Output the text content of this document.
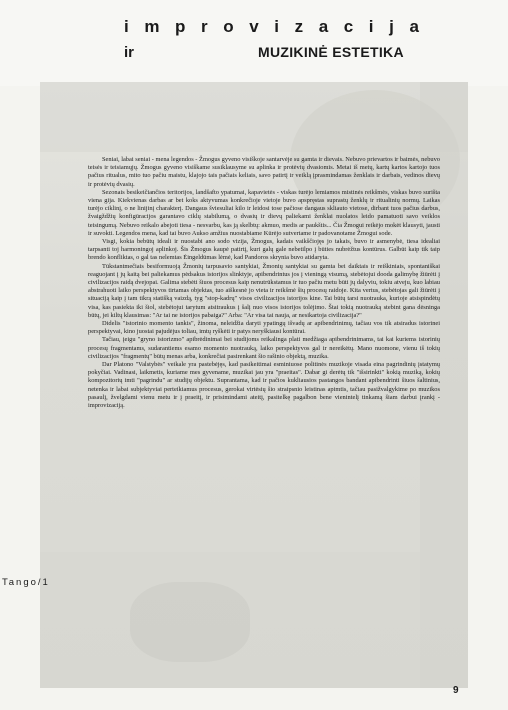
improvizacija
ir	MUZIKINĖ ESTETIKA

Seniai, labai seniai - mena legendos - Žmogus gyveno visiškoje santarvėje su gamta ir dievais. Nebuvo prievartos ir baimės, nebuvo teisės ir teisiamųjų. Žmogus gyveno visiškame susiklausyme su aplinka ir protėvių dvasiomis. Metai iš metų, kartų kartos kartojo tuos pačius ritualus, mito tuo pačiu maistu, klajojo tais pačiais keliais, savo patirtį ir veiklą įprasmindamas ženklais ir darbais, vedinos dievų ir protėvių dvasių.

Sezonais besikeičiančios teritorijos, landšafto ypatumai, kapavietės - viskas turėjo lemiamos mistinės reikšmės, viskas buvo surišta viena gija. Kiekvienas darbas ar bet koks aktyvumas konkrečioje vietoje buvo apspręstas suprastų ženklų ir ritualinių normų. Laikas turėjo ciklinį, o ne linijinį charakterį. Dangaus šviesuliai kilo ir leidosi tose pačiose dangaus skliauto vietose, dirbant tuos pačius darbus, žvaigždžių konfigūracijos garantavo ciklų stabilumą, o dvasių ir dievų paliekami ženklai nuolatos leido pamatuoti savo veiklos teisingumą. Nebuvo reikalo abejoti tiesa - nesvarbu, kas ją skelbtų: akmuo, medis ar paukštis... Čia Žmogui reikėjo mokėt klausyti, jausti ir suvokti. Legendos mena, kad tai buvo Aukso amžius nuostabiame Kūrėjo sutvertame ir padovanotame Žmogui sode.

Visgi, kokia bebūtų ideali ir nuostabi ano sodo vizija, Žmogus, kadais vaikščiojęs jo takais, buvo ir asmenybė, tiesa idealiai tarpsanti toj harmoningoj aplinkoj. Šis Žmogus kaupė patirtį, kuri galų gale nebetilpo į būties nubrėžtus kontūrus. Galbūt kaip tik taip brendo konfliktas, o gal tas nelemtas Ėingeldūmas lėmė, kad Pandoros skrynia buvo atidaryta.

Tūkstantmečiais besiformuoją Žmonių tarpusavio santykiai, Žmonių santykiai su gamta bei daiktais ir reiškiniais, spontaniškai reaguojant į jų kaitą bei paliekamus pėdsakus istorijos slinktyje, apibendrintus jos į vieningą visumą, stebėtojui dooda galimybę žiūrėti į civilizacijos raidą dvejopai. Galima stebėti šiuos procesus kaip nenutrūkstamus ir tuo pačiu metu būti jų dalyviu, tokiu atveju, kuo labiau abstrahuoti laiko perspektyvos tirtamas objektas, tuo aiškesnė jo vieta ir reikšmė šių procesų raidoje. Kita vertus, stebėtojas gali žiūrėti į situaciją kaip į tam tikrą statišką vaizdą, tyg "stop-kadrų" visos civilizacijos istorijos kine. Tai būtų tarsi nuotrauka, kurioje atsispindėtų visa, kas pasiekta iki šiol, stebėtojui tarytum atsitraukus į šalį nuo visos istorijos tolėjimo. Štai tokią nuotrauką stebint gana dėsninga būtų, jei kiltų klausimas: "Ar tai ne istorijos pabaiga?" Arba: "Ar visa tai nauja, ar nesikartoja civilizacija?"

Didelis "istorinio momento tankis", žinoma, neleidžia daryti ypatingų išvadų ar apibendrinimų, tačiau vos tik atsiradus istorinei perspektyvai, kino juostai pajudėjus toliau, imtų ryškėti ir patys neryškiausi kontūrai.

Tačiau, įeigu "gryno istorizmo" apibrėdinimai bei studijoms reikalinga plati medžiaga apibendrinimams, tai kai kuriems istorinių procesų fragmentams, sudarantiems esamo momento nuotrauką, laiko perspektyvos gal ir nereikėtų. Mano nuomone, vienu iš tokių civilizacijos "fragmentų" būtų menas arba, konkrečiai pasirenkant šio rašinio objektą, muzika.

Dar Platono "Valstybės" veikale yra pastebėjęs, kad pasikeitimai esminiuose politinės muzikoje visada eina pagrindinių įstatymų pokyčiai. Vadinasi, laikmetis, kuriame mes gyvename, muzikai jau yra "praeitas". Dabar gi derėtų tik "išsirinkti" kokią muziką, kokių kompozitorių imti "pagrindu" ar studijų objektu. Suprantama, kad ir pačios kukliausios pastangos bandant apibendrinti šiuos šaltinius, netenka ir labai subjektyviai perteikiamus procesus, gerokai virtėsių šio straipsnio leistinas apimtis, tačiau pasižvalgykime po muzikos pasaulį, žvelgdami vienu metu ir į praeitį, ir prisimindami ateitį, pasitelkę pagalbon bene vienintelį tinkamą šiam darbui įrankį - improvizaciją.

Tango/1
9
